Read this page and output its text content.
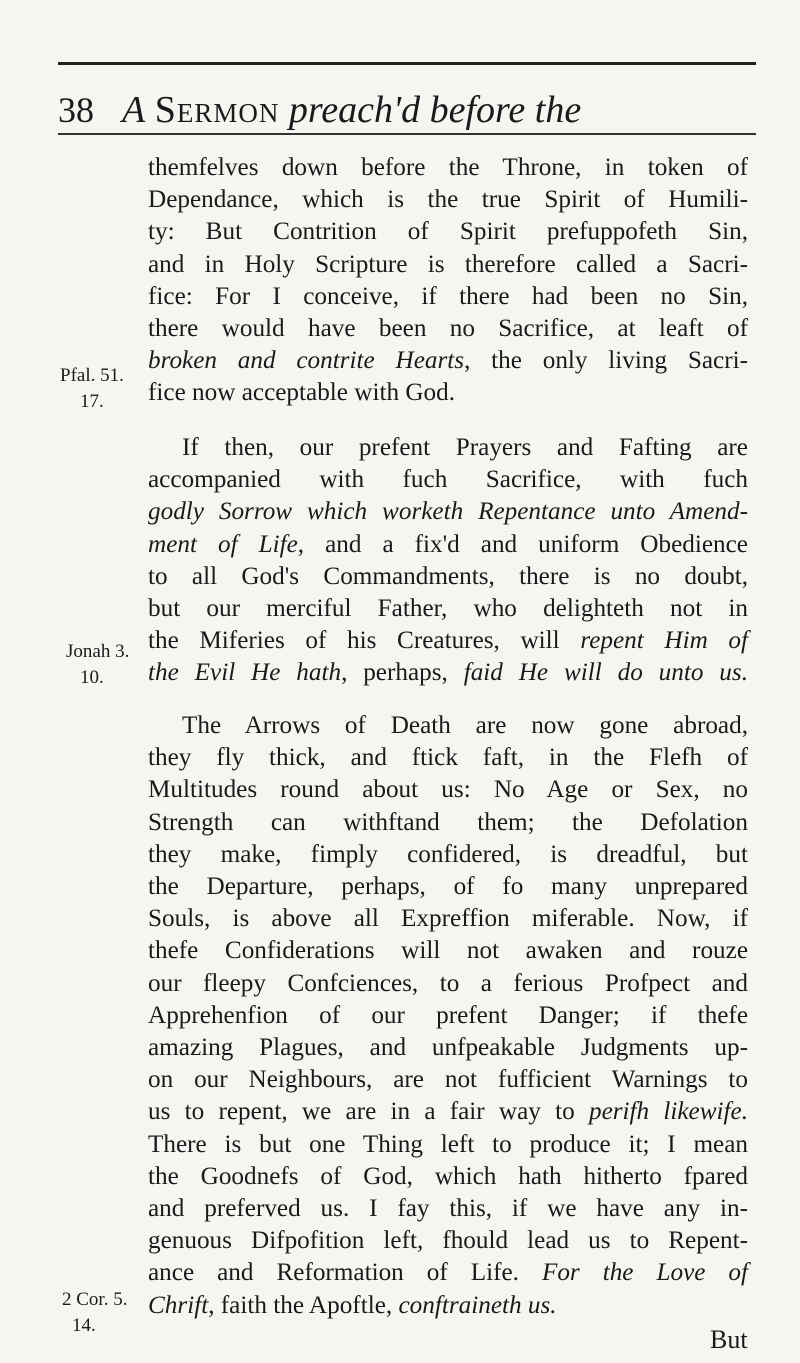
38 A Sermon preach'd before the
themfelves down before the Throne, in token of
Dependance, which is the true Spirit of Humili-
ty: But Contrition of Spirit prefuppofeth Sin,
and in Holy Scripture is therefore called a Sacri-
fice: For I conceive, if there had been no Sin,
there would have been no Sacrifice, at leaft of
broken and contrite Hearts, the only living Sacri-
fice now acceptable with God.
If then, our prefent Prayers and Fafting are
accompanied with fuch Sacrifice, with fuch
godly Sorrow which worketh Repentance unto Amend-
ment of Life, and a fix'd and uniform Obedience
to all God's Commandments, there is no doubt,
but our merciful Father, who delighteth not in
the Miferies of his Creatures, will repent Him of
the Evil He hath, perhaps, faid He will do unto us.
The Arrows of Death are now gone abroad,
they fly thick, and ftick faft, in the Flefh of
Multitudes round about us: No Age or Sex, no
Strength can withftand them; the Defolation
they make, fimply confidered, is dreadful, but
the Departure, perhaps, of fo many unprepared
Souls, is above all Expreffion miferable. Now, if
thefe Confiderations will not awaken and rouze
our fleepy Confciences, to a ferious Profpect and
Apprehenfion of our prefent Danger; if thefe
amazing Plagues, and unfpeakable Judgments up-
on our Neighbours, are not fufficient Warnings to
us to repent, we are in a fair way to perifh likewife.
There is but one Thing left to produce it; I mean
the Goodnefs of God, which hath hitherto fpared
and preferved us. I fay this, if we have any in-
genuous Difpofition left, fhould lead us to Repent-
ance and Reformation of Life. For the Love of
Chrift, faith the Apoftle, conftraineth us.
Pfal. 51.
17.
Jonah 3.
10.
2 Cor. 5.
14.	But
